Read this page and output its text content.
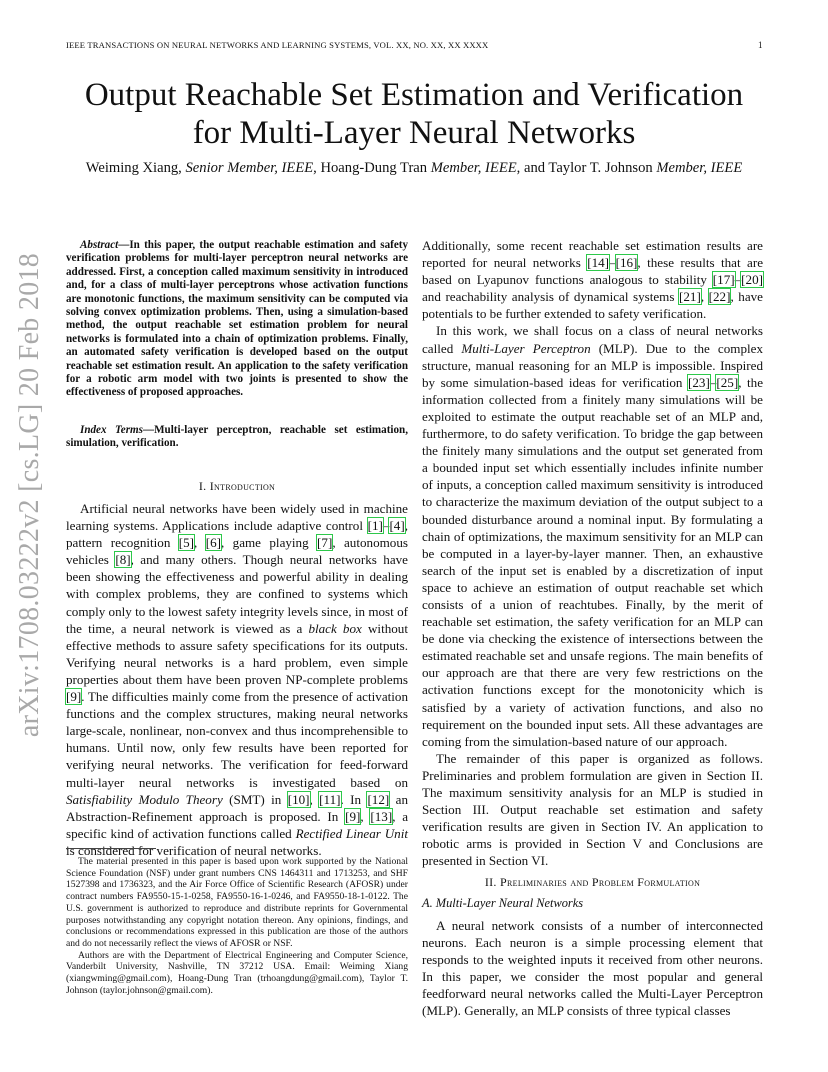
IEEE TRANSACTIONS ON NEURAL NETWORKS AND LEARNING SYSTEMS, VOL. XX, NO. XX, XX XXXX	1
Output Reachable Set Estimation and Verification
for Multi-Layer Neural Networks
Weiming Xiang, Senior Member, IEEE, Hoang-Dung Tran Member, IEEE, and Taylor T. Johnson Member, IEEE
arXiv:1708.03222v2 [cs.LG] 20 Feb 2018

Abstract—In this paper, the output reachable estimation and safety verification problems for multi-layer perceptron neural networks are addressed. First, a conception called maximum sensitivity in introduced and, for a class of multi-layer perceptrons whose activation functions are monotonic functions, the maximum sensitivity can be computed via solving convex optimization problems. Then, using a simulation-based method, the output reachable set estimation problem for neural networks is formulated into a chain of optimization problems. Finally, an automated safety verification is developed based on the output reachable set estimation result. An application to the safety verification for a robotic arm model with two joints is presented to show the effectiveness of proposed approaches.

Index Terms—Multi-layer perceptron, reachable set estimation, simulation, verification.

I. Introduction

Artificial neural networks have been widely used in machine learning systems. Applications include adaptive control [1]–[4], pattern recognition [5], [6], game playing [7], autonomous vehicles [8], and many others. Though neural networks have been showing the effectiveness and powerful ability in dealing with complex problems, they are confined to systems which comply only to the lowest safety integrity levels since, in most of the time, a neural network is viewed as a black box without effective methods to assure safety specifications for its outputs. Verifying neural networks is a hard problem, even simple properties about them have been proven NP-complete problems [9]. The difficulties mainly come from the presence of activation functions and the complex structures, making neural networks large-scale, nonlinear, non-convex and thus incomprehensible to humans. Until now, only few results have been reported for verifying neural networks. The verification for feed-forward multi-layer neural networks is investigated based on Satisfiability Modulo Theory (SMT) in [10], [11]. In [12] an Abstraction-Refinement approach is proposed. In [9], [13], a specific kind of activation functions called Rectified Linear Unit is considered for verification of neural networks.

The material presented in this paper is based upon work supported by the National Science Foundation (NSF) under grant numbers CNS 1464311 and 1713253, and SHF 1527398 and 1736323, and the Air Force Office of Scientific Research (AFOSR) under contract numbers FA9550-15-1-0258, FA9550-16-1-0246, and FA9550-18-1-0122. The U.S. government is authorized to reproduce and distribute reprints for Governmental purposes notwithstanding any copyright notation thereon. Any opinions, findings, and conclusions or recommendations expressed in this publication are those of the authors and do not necessarily reflect the views of AFOSR or NSF.

Authors are with the Department of Electrical Engineering and Computer Science, Vanderbilt University, Nashville, TN 37212 USA. Email: Weiming Xiang (xiangwming@gmail.com), Hoang-Dung Tran (trhoangdung@gmail.com), Taylor T. Johnson (taylor.johnson@gmail.com).

Additionally, some recent reachable set estimation results are reported for neural networks [14]–[16], these results that are based on Lyapunov functions analogous to stability [17]–[20] and reachability analysis of dynamical systems [21], [22], have potentials to be further extended to safety verification.

In this work, we shall focus on a class of neural networks called Multi-Layer Perceptron (MLP). Due to the complex structure, manual reasoning for an MLP is impossible. Inspired by some simulation-based ideas for verification [23]–[25], the information collected from a finitely many simulations will be exploited to estimate the output reachable set of an MLP and, furthermore, to do safety verification. To bridge the gap between the finitely many simulations and the output set generated from a bounded input set which essentially includes infinite number of inputs, a conception called maximum sensitivity is introduced to characterize the maximum deviation of the output subject to a bounded disturbance around a nominal input. By formulating a chain of optimizations, the maximum sensitivity for an MLP can be computed in a layer-by-layer manner. Then, an exhaustive search of the input set is enabled by a discretization of input space to achieve an estimation of output reachable set which consists of a union of reachtubes. Finally, by the merit of reachable set estimation, the safety verification for an MLP can be done via checking the existence of intersections between the estimated reachable set and unsafe regions. The main benefits of our approach are that there are very few restrictions on the activation functions except for the monotonicity which is satisfied by a variety of activation functions, and also no requirement on the bounded input sets. All these advantages are coming from the simulation-based nature of our approach.

The remainder of this paper is organized as follows. Preliminaries and problem formulation are given in Section II. The maximum sensitivity analysis for an MLP is studied in Section III. Output reachable set estimation and safety verification results are given in Section IV. An application to robotic arms is provided in Section V and Conclusions are presented in Section VI.

II. Preliminaries and Problem Formulation
A. Multi-Layer Neural Networks

A neural network consists of a number of interconnected neurons. Each neuron is a simple processing element that responds to the weighted inputs it received from other neurons. In this paper, we consider the most popular and general feedforward neural networks called the Multi-Layer Perceptron (MLP). Generally, an MLP consists of three typical classes
